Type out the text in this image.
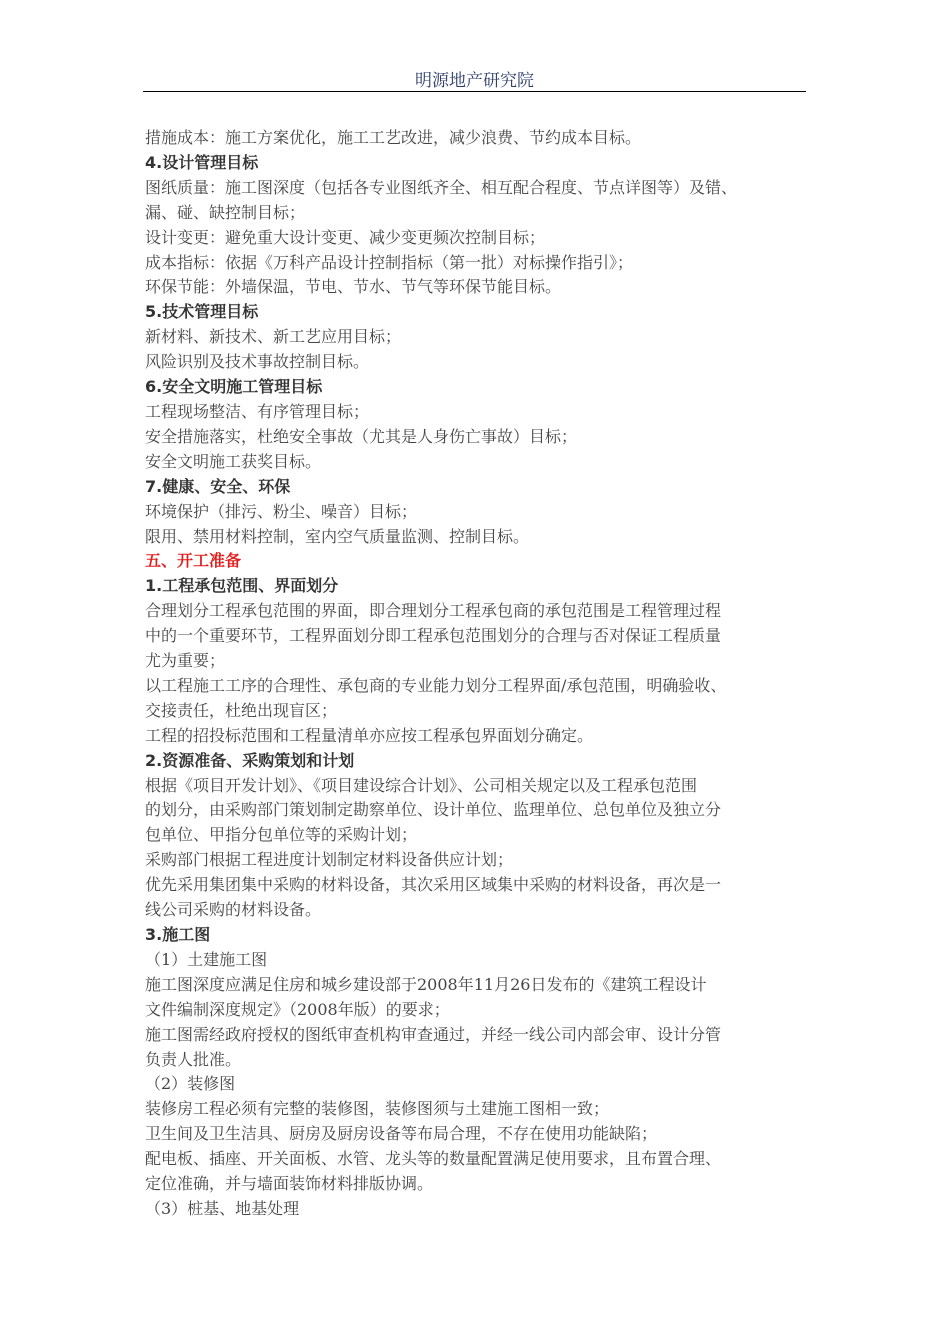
明源地产研究院
措施成本：施工方案优化，施工工艺改进，减少浪费、节约成本目标。
4.设计管理目标
图纸质量：施工图深度（包括各专业图纸齐全、相互配合程度、节点详图等）及错、
漏、碰、缺控制目标；
设计变更：避免重大设计变更、减少变更频次控制目标；
成本指标：依据《万科产品设计控制指标（第一批）对标操作指引》；
环保节能：外墙保温，节电、节水、节气等环保节能目标。
5.技术管理目标
新材料、新技术、新工艺应用目标；
风险识别及技术事故控制目标。
6.安全文明施工管理目标
工程现场整洁、有序管理目标；
安全措施落实，杜绝安全事故（尤其是人身伤亡事故）目标；
安全文明施工获奖目标。
7.健康、安全、环保
环境保护（排污、粉尘、噪音）目标；
限用、禁用材料控制，室内空气质量监测、控制目标。
五、开工准备
1.工程承包范围、界面划分
合理划分工程承包范围的界面，即合理划分工程承包商的承包范围是工程管理过程
中的一个重要环节，工程界面划分即工程承包范围划分的合理与否对保证工程质量
尤为重要；
以工程施工工序的合理性、承包商的专业能力划分工程界面/承包范围，明确验收、
交接责任，杜绝出现盲区；
工程的招投标范围和工程量清单亦应按工程承包界面划分确定。
2.资源准备、采购策划和计划
根据《项目开发计划》、《项目建设综合计划》、公司相关规定以及工程承包范围
的划分，由采购部门策划制定勘察单位、设计单位、监理单位、总包单位及独立分
包单位、甲指分包单位等的采购计划；
采购部门根据工程进度计划制定材料设备供应计划；
优先采用集团集中采购的材料设备，其次采用区域集中采购的材料设备，再次是一
线公司采购的材料设备。
3.施工图
（1）土建施工图
施工图深度应满足住房和城乡建设部于2008年11月26日发布的《建筑工程设计
文件编制深度规定》（2008年版）的要求；
施工图需经政府授权的图纸审查机构审查通过，并经一线公司内部会审、设计分管
负责人批准。
（2）装修图
装修房工程必须有完整的装修图，装修图须与土建施工图相一致；
卫生间及卫生洁具、厨房及厨房设备等布局合理，不存在使用功能缺陷；
配电板、插座、开关面板、水管、龙头等的数量配置满足使用要求，且布置合理、
定位准确，并与墙面装饰材料排版协调。
（3）桩基、地基处理
